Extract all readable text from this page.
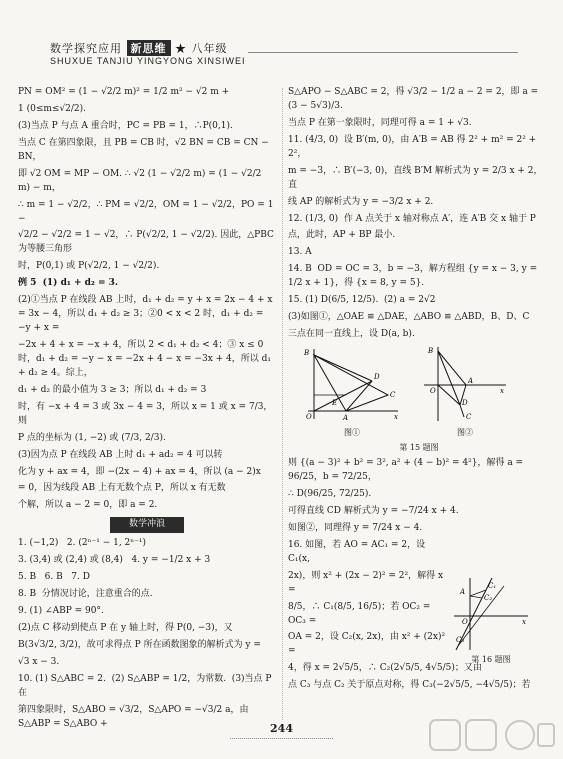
数学探究应用 新思维 ★ 八年级
SHUXUE TANJIU YINGYONG XINSIWEI

PN = OM² = (1 − √2/2 m)² = 1/2 m² − √2 m +

1 (0≤m≤√2/2).

(3)当点 P 与点 A 重合时，PC = PB = 1，∴P(0,1).

当点 C 在第四象限，且 PB = CB 时，√2 BN = CB = CN − BN，

即 √2 OM = MP − OM. ∴ √2 (1 − √2/2 m) = (1 − √2/2 m) − m，

∴ m = 1 − √2/2，∴ PM = √2/2，OM = 1 − √2/2，PO = 1 −

√2/2 − √2/2 = 1 − √2，∴ P(√2/2, 1 − √2/2). 因此，△PBC 为等腰三角形

时，P(0,1) 或 P(√2/2, 1 − √2/2).

例 5  (1) d₁ + d₂ = 3.

(2)①当点 P 在线段 AB 上时，d₁ + d₂ = y + x = 2x − 4 + x = 3x − 4，所以 d₁ + d₂ ≥ 3；②0 < x < 2 时，d₁ + d₂ = −y + x =

−2x + 4 + x = −x + 4，所以 2 < d₁ + d₂ < 4；③ x ≤ 0 时，d₁ + d₂ = −y − x = −2x + 4 − x = −3x + 4，所以 d₁ + d₂ ≥ 4。综上，

d₁ + d₂ 的最小值为 3 ≥ 3；所以 d₁ + d₂ = 3

时，有 −x + 4 = 3 或 3x − 4 = 3，所以 x = 1 或 x = 7/3，则

P 点的坐标为 (1, −2) 或 (7/3, 2/3).

(3)因为点 P 在线段 AB 上时 d₁ + ad₂ = 4 可以转

化为 y + ax = 4，即 −(2x − 4) + ax = 4，所以 (a − 2)x

= 0，因为线段 AB 上有无数个点 P，所以 x 有无数

个解，所以 a − 2 = 0，即 a = 2.

数学冲浪

1. (−1,2)   2. (2ⁿ⁻¹ − 1, 2ⁿ⁻¹)

3. (3,4) 或 (2,4) 或 (8,4)   4. y = −1/2 x + 3

5. B   6. B   7. D

8. B  分情况讨论，注意重合的点.

9. (1) ∠ABP = 90°.

(2)点 C 移动到使点 P 在 y 轴上时，得 P(0, −3)，又

B(3√3/2, 3/2)，故可求得点 P 所在函数图象的解析式为 y =

√3 x − 3.

10. (1) S△ABC = 2.  (2) S△ABP = 1/2，为常数.  (3)当点 P 在

第四象限时，S△ABO = √3/2，S△APO = −√3/2 a，由 S△ABP = S△ABO +

S△APO − S△ABC = 2，得 √3/2 − 1/2 a − 2 = 2，即 a = (3 − 5√3)/3.

当点 P 在第一象限时，同理可得 a = 1 + √3.

11. (4/3, 0)  设 B′(m, 0)，由 A′B = AB 得 2² + m² = 2² + 2²，

m = −3，∴ B′(−3, 0)，直线 B′M 解析式为 y = 2/3 x + 2，直

线 AP 的解析式为 y = −3/2 x + 2.

12. (1/3, 0)  作 A 点关于 x 轴对称点 A′，连 A′B 交 x 轴于 P

点，此时，AP + BP 最小.

13. A

14. B  OD = OC = 3，b = −3，解方程组 {y = x − 3, y = 1/2 x + 1}，得 {x = 8, y = 5}.

15. (1) D(6/5, 12/5).  (2) a = 2√2

(3)如图①，△OAE ≌ △DAE，△ABO ≌ △ABD，B、D、C

三点在同一直线上，设 D(a, b).

B
D
C
E
A
O	x
图①
B
A
D
O
C
x
图②
第 15 题图

则 {(a − 3)² + b² = 3², a² + (4 − b)² = 4²}，解得 a = 96/25，b = 72/25，

∴ D(96/25, 72/25).

可得直线 CD 解析式为 y = −7/24 x + 4.

如图②，同理得 y = 7/24 x − 4.

16. 如图，若 AO = AC₁ = 2，设 C₁(x,

2x)，则 x² + (2x − 2)² = 2²，解得 x =

8/5，∴ C₁(8/5, 16/5)；若 OC₂ = OC₃ =

OA = 2，设 C₂(x, 2x)，由 x² + (2x)² =

4，得 x = 2√5/5，∴ C₂(2√5/5, 4√5/5)；又由

点 C₃ 与点 C₂ 关于原点对称，得 C₃(−2√5/5, −4√5/5)；若

A
C₁
C₂
O
C₃
x
第 16 题图
244
